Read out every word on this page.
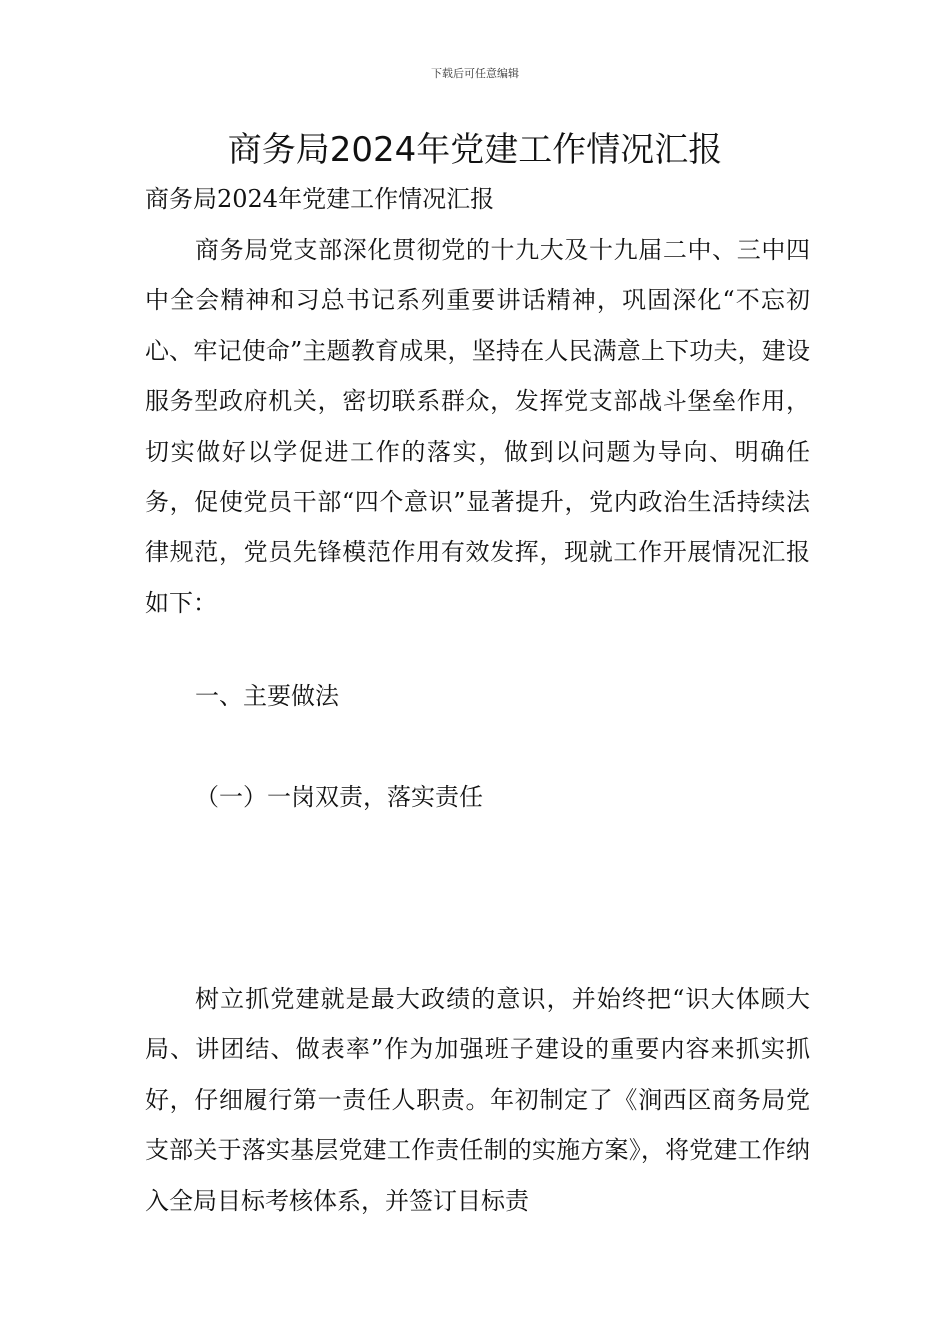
下载后可任意编辑
商务局2024年党建工作情况汇报
商务局2024年党建工作情况汇报

商务局党支部深化贯彻党的十九大及十九届二中、三中四中全会精神和习总书记系列重要讲话精神，巩固深化“不忘初心、牢记使命”主题教育成果，坚持在人民满意上下功夫，建设服务型政府机关，密切联系群众，发挥党支部战斗堡垒作用，切实做好以学促进工作的落实，做到以问题为导向、明确任务，促使党员干部“四个意识”显著提升，党内政治生活持续法律规范，党员先锋模范作用有效发挥，现就工作开展情况汇报如下：

一、主要做法
（一）一岗双责，落实责任

树立抓党建就是最大政绩的意识，并始终把“识大体顾大局、讲团结、做表率”作为加强班子建设的重要内容来抓实抓好，仔细履行第一责任人职责。年初制定了《涧西区商务局党支部关于落实基层党建工作责任制的实施方案》，将党建工作纳入全局目标考核体系，并签订目标责
